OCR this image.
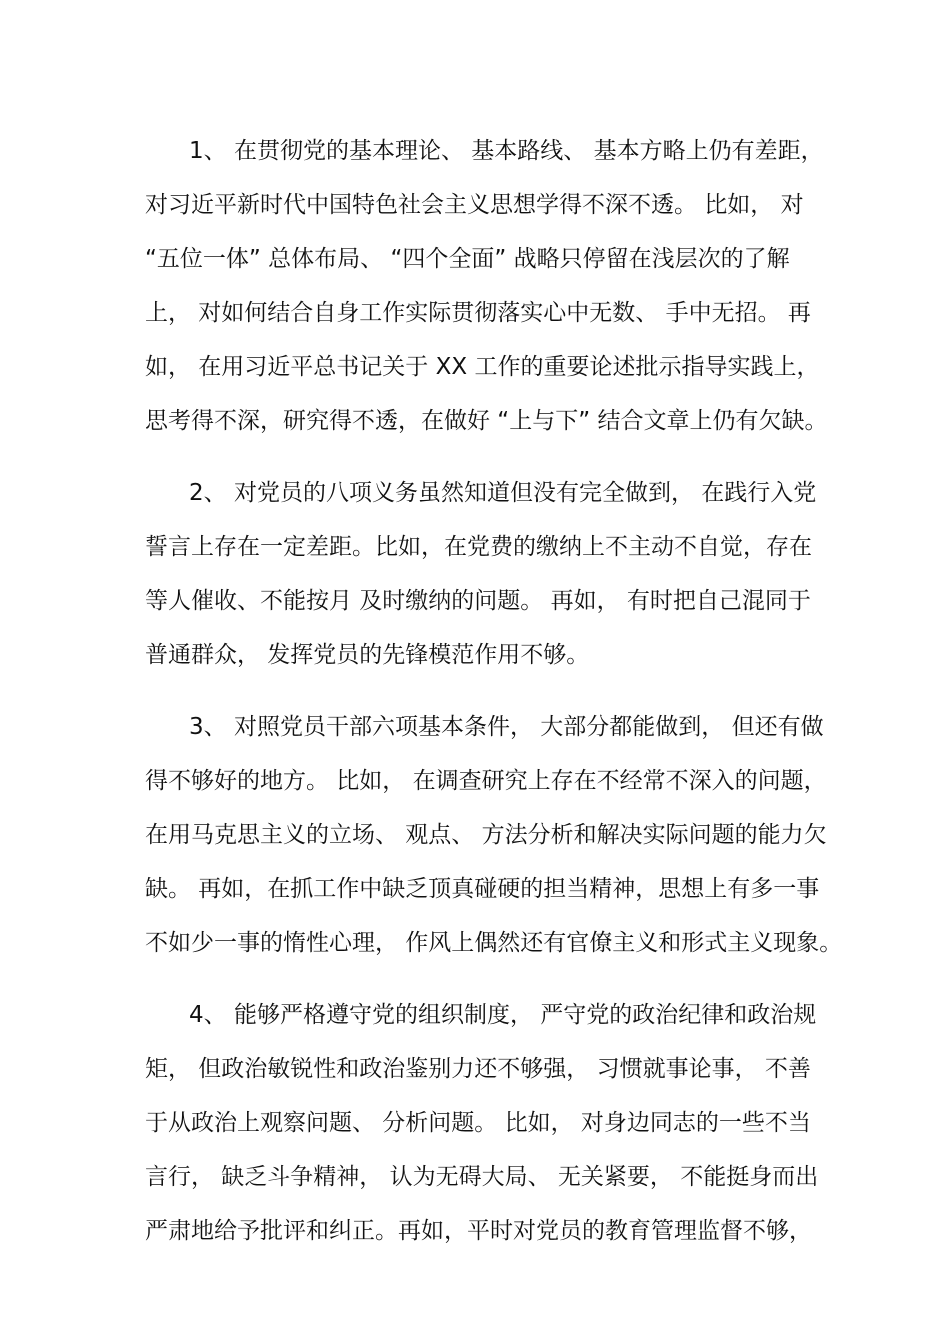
1、 在贯彻党的基本理论、 基本路线、 基本方略上仍有差距，
对习近平新时代中国特色社会主义思想学得不深不透。 比如， 对
“五位一体” 总体布局、 “四个全面” 战略只停留在浅层次的了解
上， 对如何结合自身工作实际贯彻落实心中无数、 手中无招。 再
如， 在用习近平总书记关于 XX 工作的重要论述批示指导实践上，
思考得不深，研究得不透，在做好 “上与下” 结合文章上仍有欠缺。
2、 对党员的八项义务虽然知道但没有完全做到， 在践行入党
誓言上存在一定差距。比如，在党费的缴纳上不主动不自觉，存在
等人催收、不能按月 及时缴纳的问题。 再如， 有时把自己混同于
普通群众， 发挥党员的先锋模范作用不够。
3、 对照党员干部六项基本条件， 大部分都能做到， 但还有做
得不够好的地方。 比如， 在调查研究上存在不经常不深入的问题，
在用马克思主义的立场、 观点、 方法分析和解决实际问题的能力欠
缺。 再如，在抓工作中缺乏顶真碰硬的担当精神，思想上有多一事
不如少一事的惰性心理， 作风上偶然还有官僚主义和形式主义现象。
4、 能够严格遵守党的组织制度， 严守党的政治纪律和政治规
矩， 但政治敏锐性和政治鉴别力还不够强， 习惯就事论事， 不善
于从政治上观察问题、 分析问题。 比如， 对身边同志的一些不当
言行， 缺乏斗争精神， 认为无碍大局、 无关紧要， 不能挺身而出
严肃地给予批评和纠正。再如，平时对党员的教育管理监督不够，
